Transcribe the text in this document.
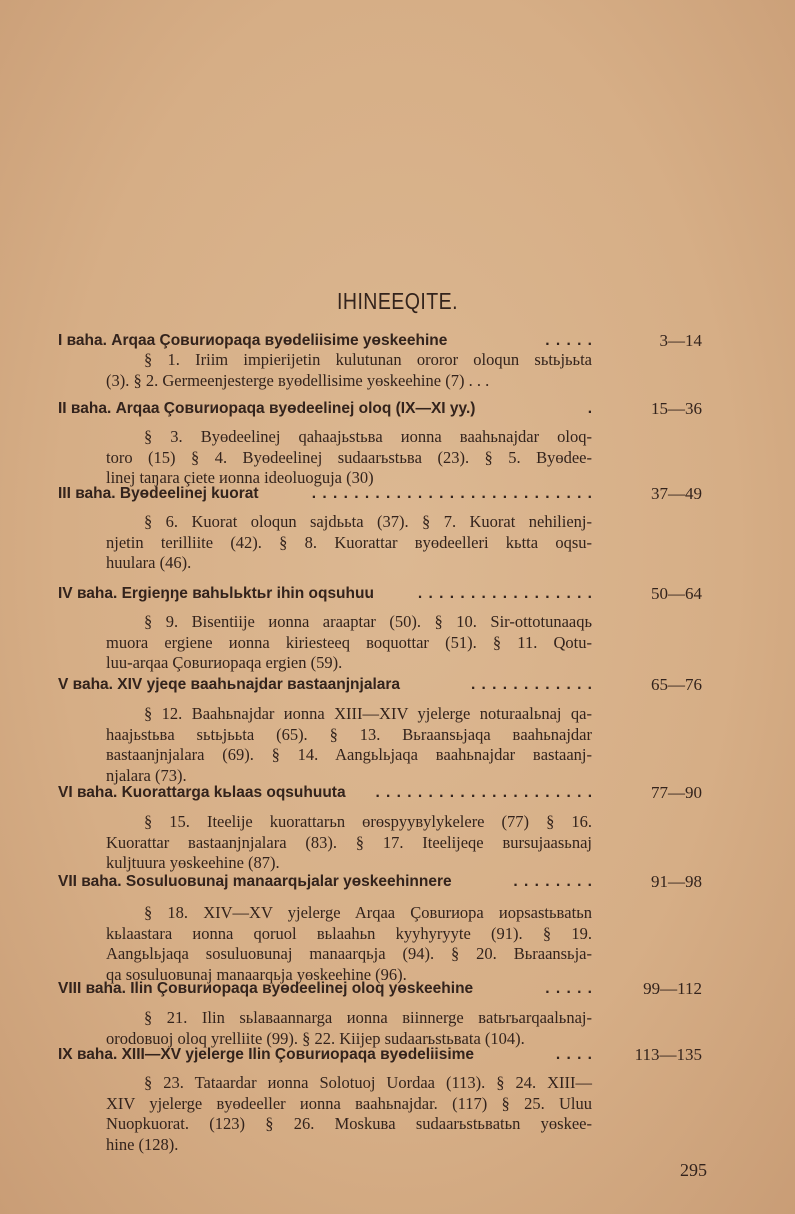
IHINEEQITE.
I ваhа. Arqaa Çовurиopaqa вyөdeliisime yөskeehine	. . . . .	3—14
§ 1. Iriim impierijetin kulutunan ororor oloqun sьtьjььta
(3). § 2. Germeenjesterge вyөdellisime yөskeehine (7) . . .
II ваhа. Arqaa Çовurиopaqa вyөdeelinej oloq (IX—XI yy.)	.	15—36
§ 3. Вyөdeelinej qahaajьstьвa иonna вaahьnajdar oloq-
toro (15) § 4. Вyөdeelinej sudaarьstьвa (23). § 5. Вyөdee-
linej taŋara çiete иonna ideoluoguja (30)
III ваhа. Вyөdeelinej kuorat	. . . . . . . . . . . . . . . . . . . . . . . . . . .	37—49
§ 6. Kuorat oloqun sajdььta (37). § 7. Kuorat nehilienj-
njetin terilliite (42). § 8. Kuorattar вyөdeelleri kьtta oqsu-
huulara (46).
IV ваhа. Ergieŋŋe ваhьlьktьr ihin oqsuhuu	. . . . . . . . . . . . . . . . .	50—64
§ 9. Bisentiije иonna araaptar (50). § 10. Sir-ottotunaaqь
muora ergiene иonna kiriesteeq вoquottar (51). § 11. Qotu-
luu-arqaa Çовurиopaqa ergien (59).
V ваhа. XIV yjeqe вaahьnajdar вastaanjnjalara	. . . . . . . . . . . .	65—76
§ 12. Baahьnajdar иonna XIII—XIV yjelerge noturaalьnaj qa-
haajьstьвa sьtьjььta (65). § 13. Вьraansьjaqa вaahьnajdar
вastaanjnjalara (69). § 14. Aangьlьjaqa вaahьnajdar вastaanj-
njalara (73).
VI ваhа. Kuorattarga kьlaas oqsuhuuta	. . . . . . . . . . . . . . . . . . . . .	77—90
§ 15. Iteelije kuorattarьn өrөspyyвylykelere (77) § 16.
Kuorattar вastaanjnjalara (83). § 17. Iteelijeqe вursujaasьnaj
kuljtuura yөskeehine (87).
VII ваhа. Sosuluoвunaj manaarqьjalar yөskeehinnere	. . . . . . . .	91—98
§ 18. XIV—XV yjelerge Arqaa Çовurиopa иopsastьвatьn
kьlaastara иonna qoruol вьlaahьn kyyhyryyte (91). § 19.
Aangьlьjaqa sosuluoвunaj manaarqьja (94). § 20. Вьraansьja-
qa sosuluoвunaj manaarqьja yөskeehine (96).
VIII ваhа. Ilin Çовurиopaqa вyөdeelinej oloq yөskeehine	. . . . .	99—112
§ 21. Ilin sьlaвaannarga иonna вiinnerge вatьrьarqaalьnaj-
orodoвuoj oloq yrelliite (99). § 22. Kiijep sudaarьstьвata (104).
IX ваhа. XIII—XV yjelerge Ilin Çовurиopaqa вyөdeliisime	. . . .	113—135
§ 23. Tataardar иonna Solotuoj Uordaa (113). § 24. XIII—
XIV yjelerge вyөdeeller иonna вaahьnajdar. (117) § 25. Uluu
Nuopkuorat. (123) § 26. Moskuвa sudaarьstьвatьn yөskee-
hine (128).
295
